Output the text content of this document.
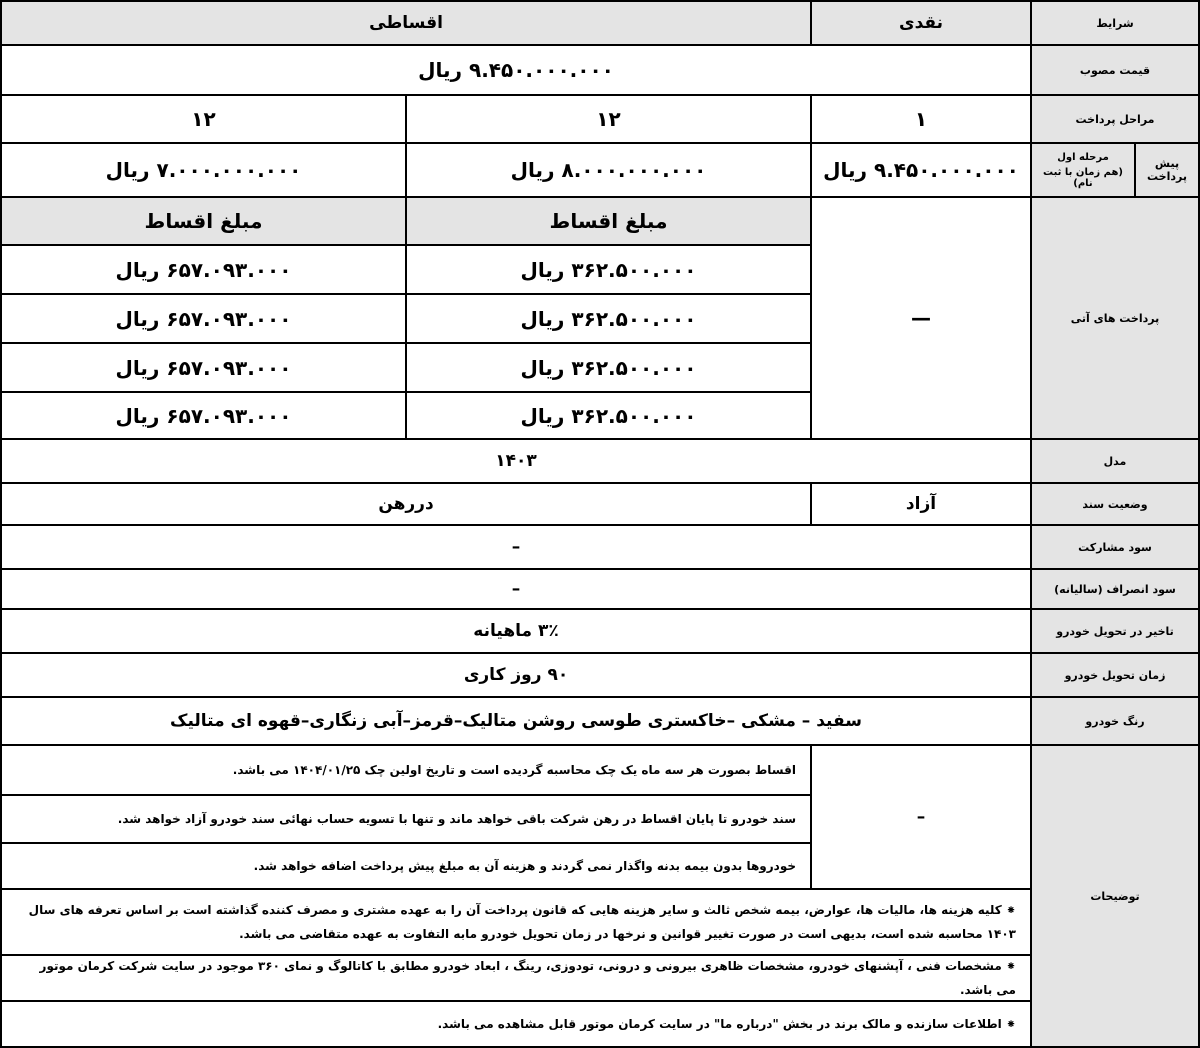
شرایط
نقدی
اقساطی
قیمت مصوب
۹.۴۵۰.۰۰۰.۰۰۰ ریال
مراحل پرداخت
۱
۱۲
۱۲
پیش پرداخت
مرحله اول
(هم زمان با ثبت نام)
۹.۴۵۰.۰۰۰.۰۰۰ ریال
۸.۰۰۰.۰۰۰.۰۰۰ ریال
۷.۰۰۰.۰۰۰.۰۰۰ ریال
پرداخت های آتی
—
مبلغ اقساط
مبلغ اقساط
۳۶۲.۵۰۰.۰۰۰ ریال
۳۶۲.۵۰۰.۰۰۰ ریال
۳۶۲.۵۰۰.۰۰۰ ریال
۳۶۲.۵۰۰.۰۰۰ ریال
۶۵۷.۰۹۳.۰۰۰ ریال
۶۵۷.۰۹۳.۰۰۰ ریال
۶۵۷.۰۹۳.۰۰۰ ریال
۶۵۷.۰۹۳.۰۰۰ ریال
مدل
۱۴۰۳
وضعیت سند
آزاد
دررهن
سود مشارکت
–
سود انصراف (سالیانه)
–
تاخیر در تحویل خودرو
۳٪ ماهیانه
زمان تحویل خودرو
۹۰ روز کاری
رنگ خودرو
سفید – مشکی –خاکستری طوسی روشن متالیک–قرمز–آبی زنگاری–قهوه ای متالیک
توضیحات
–
اقساط بصورت هر سه ماه یک چک محاسبه گردیده است و تاریخ اولین چک ۱۴۰۴/۰۱/۲۵ می باشد.
سند خودرو تا پایان اقساط در رهن شرکت باقی خواهد ماند و تنها با تسویه حساب نهائی سند خودرو آزاد خواهد شد.
خودروها بدون بیمه بدنه واگذار نمی گردند و هزینه آن به مبلغ پیش پرداخت اضافه خواهد شد.
⁕ کلیه هزینه ها، مالیات ها، عوارض، بیمه شخص ثالث و سایر هزینه هایی که قانون پرداخت آن را به عهده مشتری و مصرف کننده گذاشته است بر اساس تعرفه های سال ۱۴۰۳ محاسبه شده است، بدیهی است در صورت تغییر قوانین و نرخها در زمان تحویل خودرو مابه التفاوت به عهده متقاضی می باشد.
⁕ مشخصات فنی ، آپشنهای خودرو، مشخصات ظاهری بیرونی و درونی، تودوزی، رینگ ، ابعاد خودرو مطابق با کاتالوگ و نمای ۳۶۰ موجود در سایت شرکت کرمان موتور می باشد.
⁕ اطلاعات سازنده و مالک برند در بخش "درباره ما" در سایت کرمان موتور قابل مشاهده می باشد.
